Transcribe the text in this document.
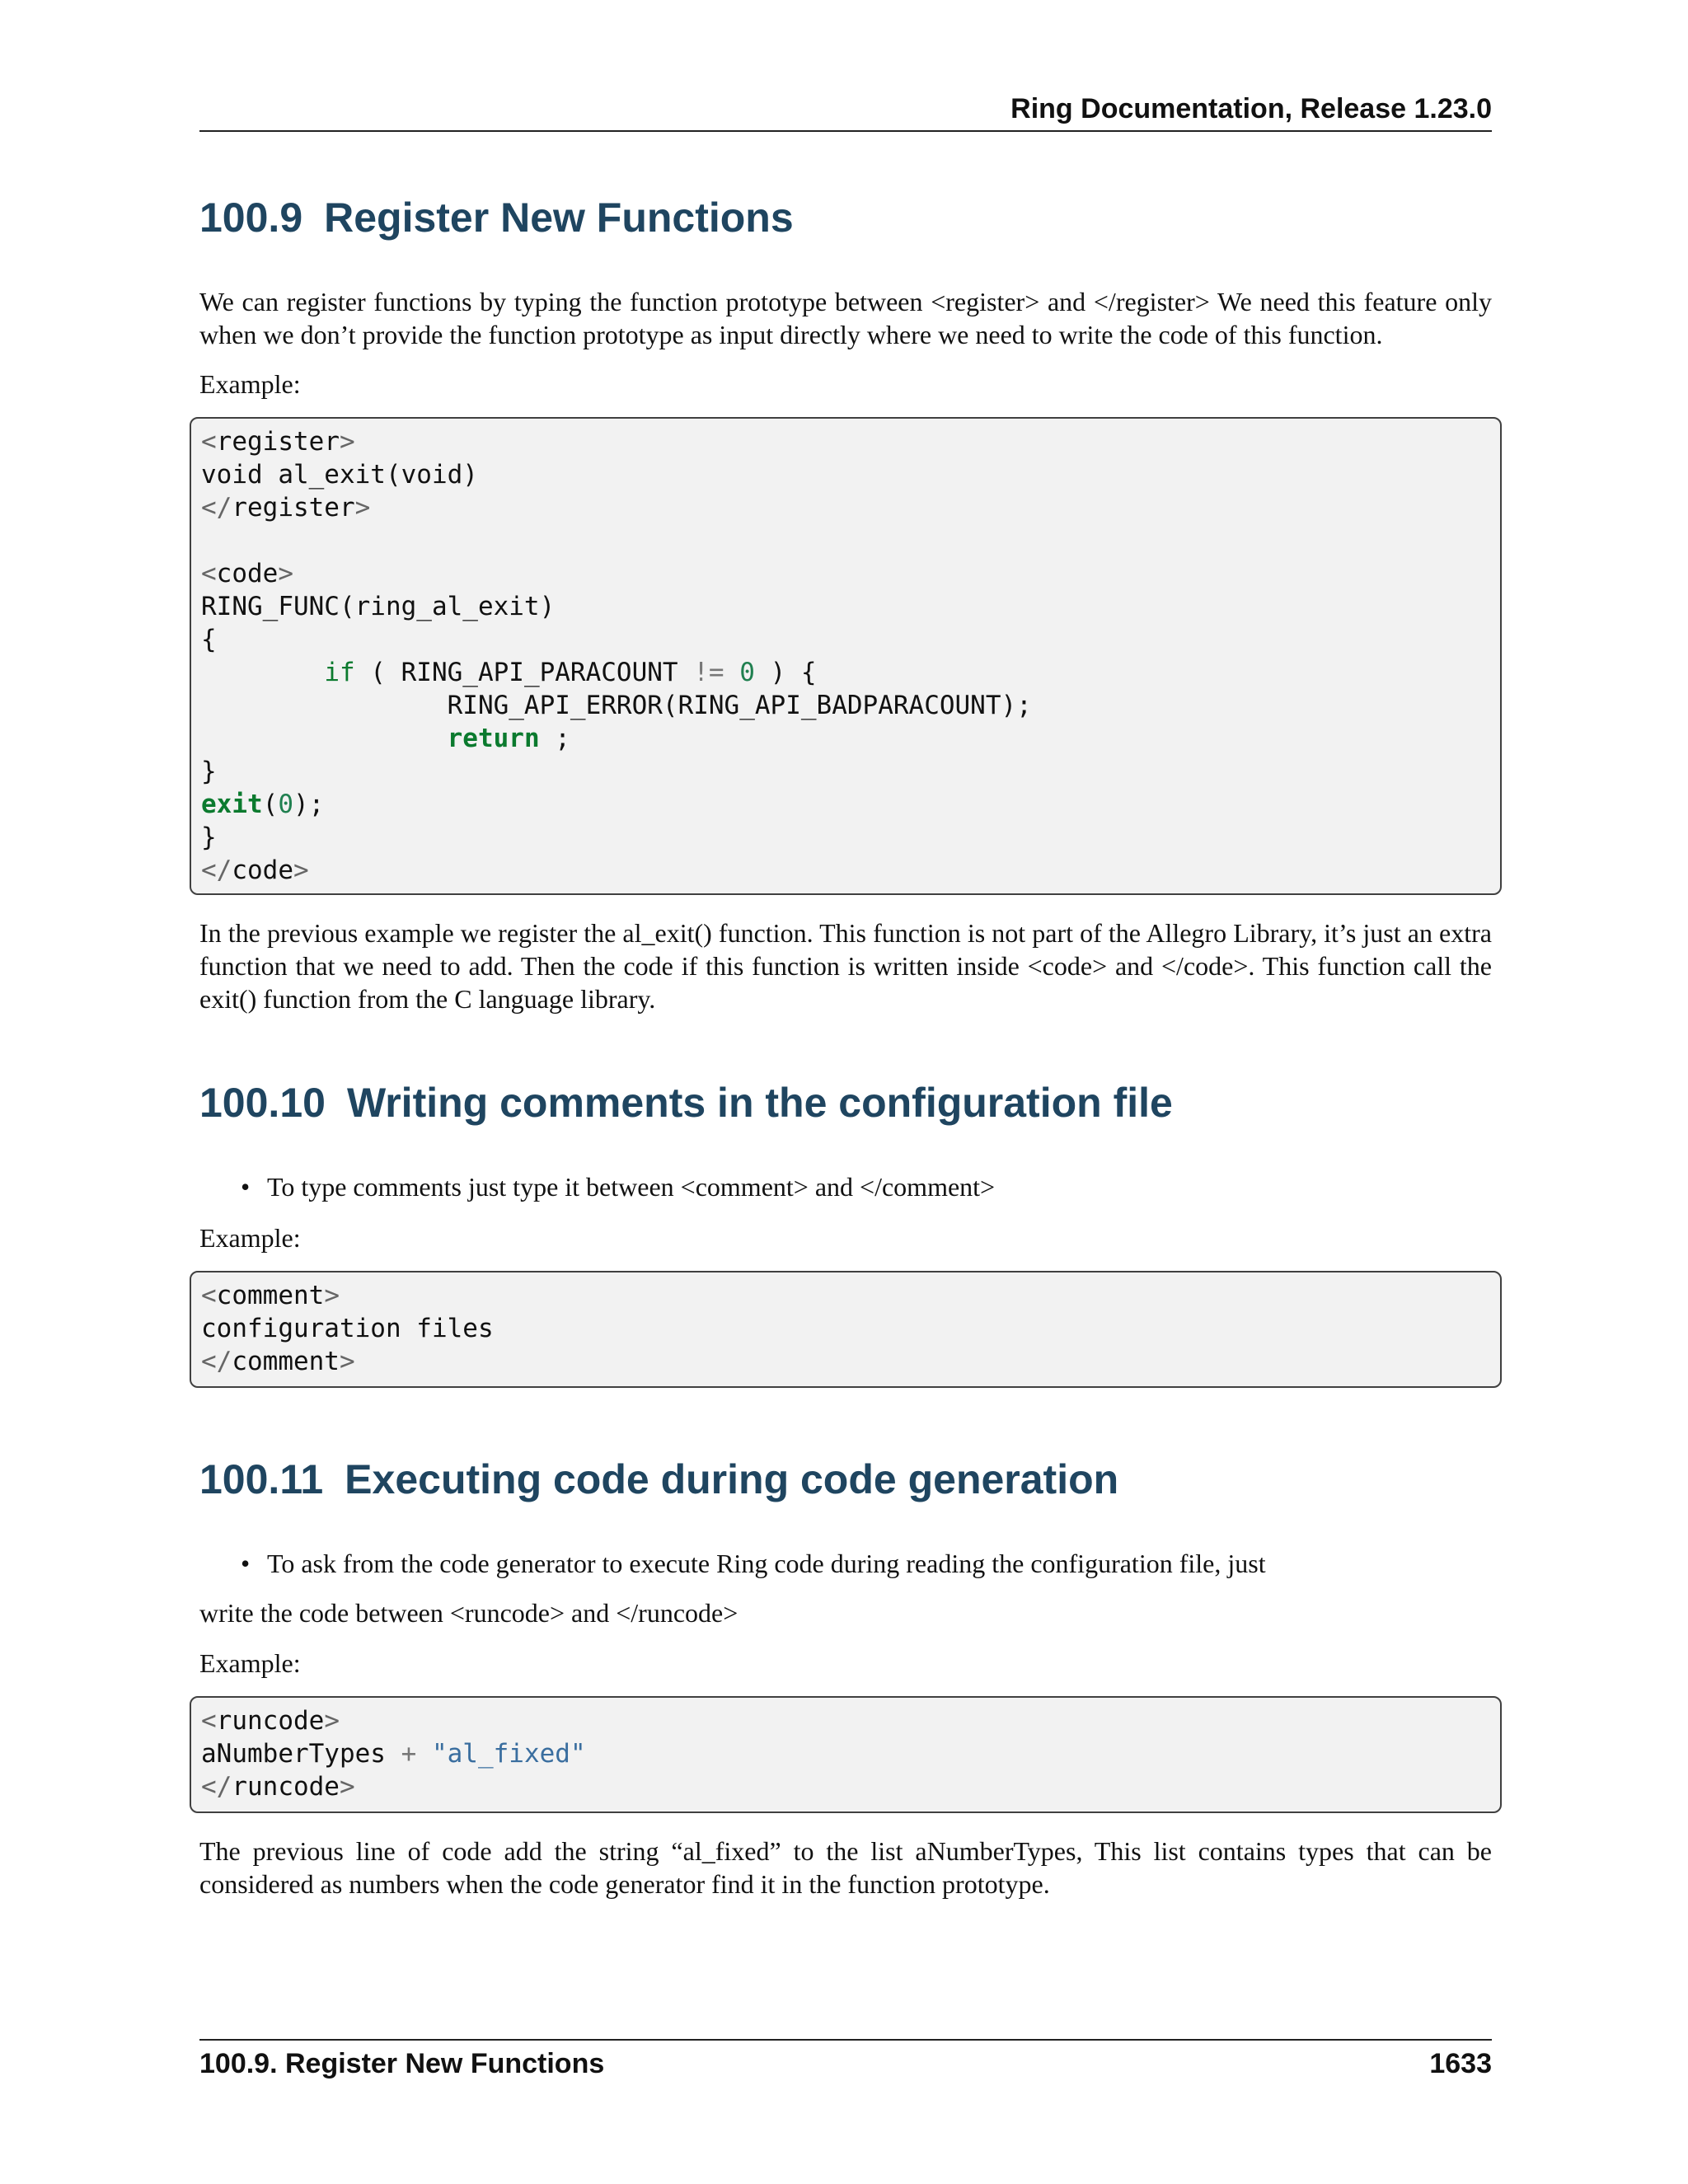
Ring Documentation, Release 1.23.0
100.9 Register New Functions

We can register functions by typing the function prototype between <register> and </register> We need this feature only when we don’t provide the function prototype as input directly where we need to write the code of this function.

Example:

<register>
void al_exit(void)
</register>
<code>
RING_FUNC(ring_al_exit)
{
if ( RING_API_PARACOUNT != 0 ) {
RING_API_ERROR(RING_API_BADPARACOUNT);
return ;
}
exit(0);
}
</code>

In the previous example we register the al_exit() function. This function is not part of the Allegro Library, it’s just an extra function that we need to add. Then the code if this function is written inside <code> and </code>. This function call the exit() function from the C language library.

100.10 Writing comments in the configuration file

• To type comments just type it between <comment> and </comment>

Example:

<comment>
configuration files
</comment>
100.11 Executing code during code generation

• To ask from the code generator to execute Ring code during reading the configuration file, just

write the code between <runcode> and </runcode>

Example:

<runcode>
aNumberTypes + "al_fixed"
</runcode>

The previous line of code add the string “al_fixed” to the list aNumberTypes, This list contains types that can be considered as numbers when the code generator find it in the function prototype.

100.9. Register New Functions	1633
